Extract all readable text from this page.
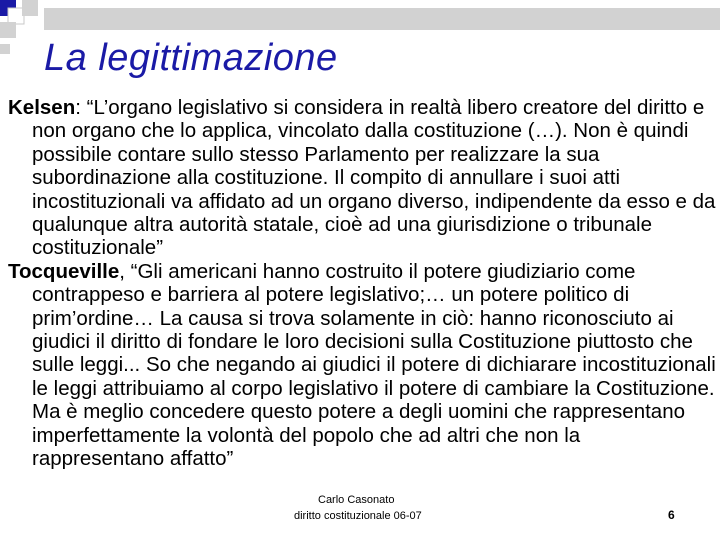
La legittimazione

Kelsen: “L’organo legislativo si considera in realtà libero creatore del diritto e non organo che lo applica, vincolato dalla costituzione (…). Non è quindi possibile contare sullo stesso Parlamento per realizzare la sua subordinazione alla costituzione. Il compito di annullare i suoi atti incostituzionali va affidato ad un organo diverso, indipendente da esso e da qualunque altra autorità statale, cioè ad una giurisdizione o tribunale costituzionale”

Tocqueville, “Gli americani hanno costruito il potere giudiziario come contrappeso e barriera al potere legislativo;… un potere politico di prim’ordine… La causa si trova solamente in ciò: hanno riconosciuto ai giudici il diritto di fondare le loro decisioni sulla Costituzione piuttosto che sulle leggi... So che negando ai giudici il potere di dichiarare incostituzionali le leggi attribuiamo al corpo legislativo il potere di cambiare la Costituzione. Ma è meglio concedere questo potere a degli uomini che rappresentano imperfettamente la volontà del popolo che ad altri che non la rappresentano affatto”

Carlo Casonato
diritto costituzionale 06-07	6
